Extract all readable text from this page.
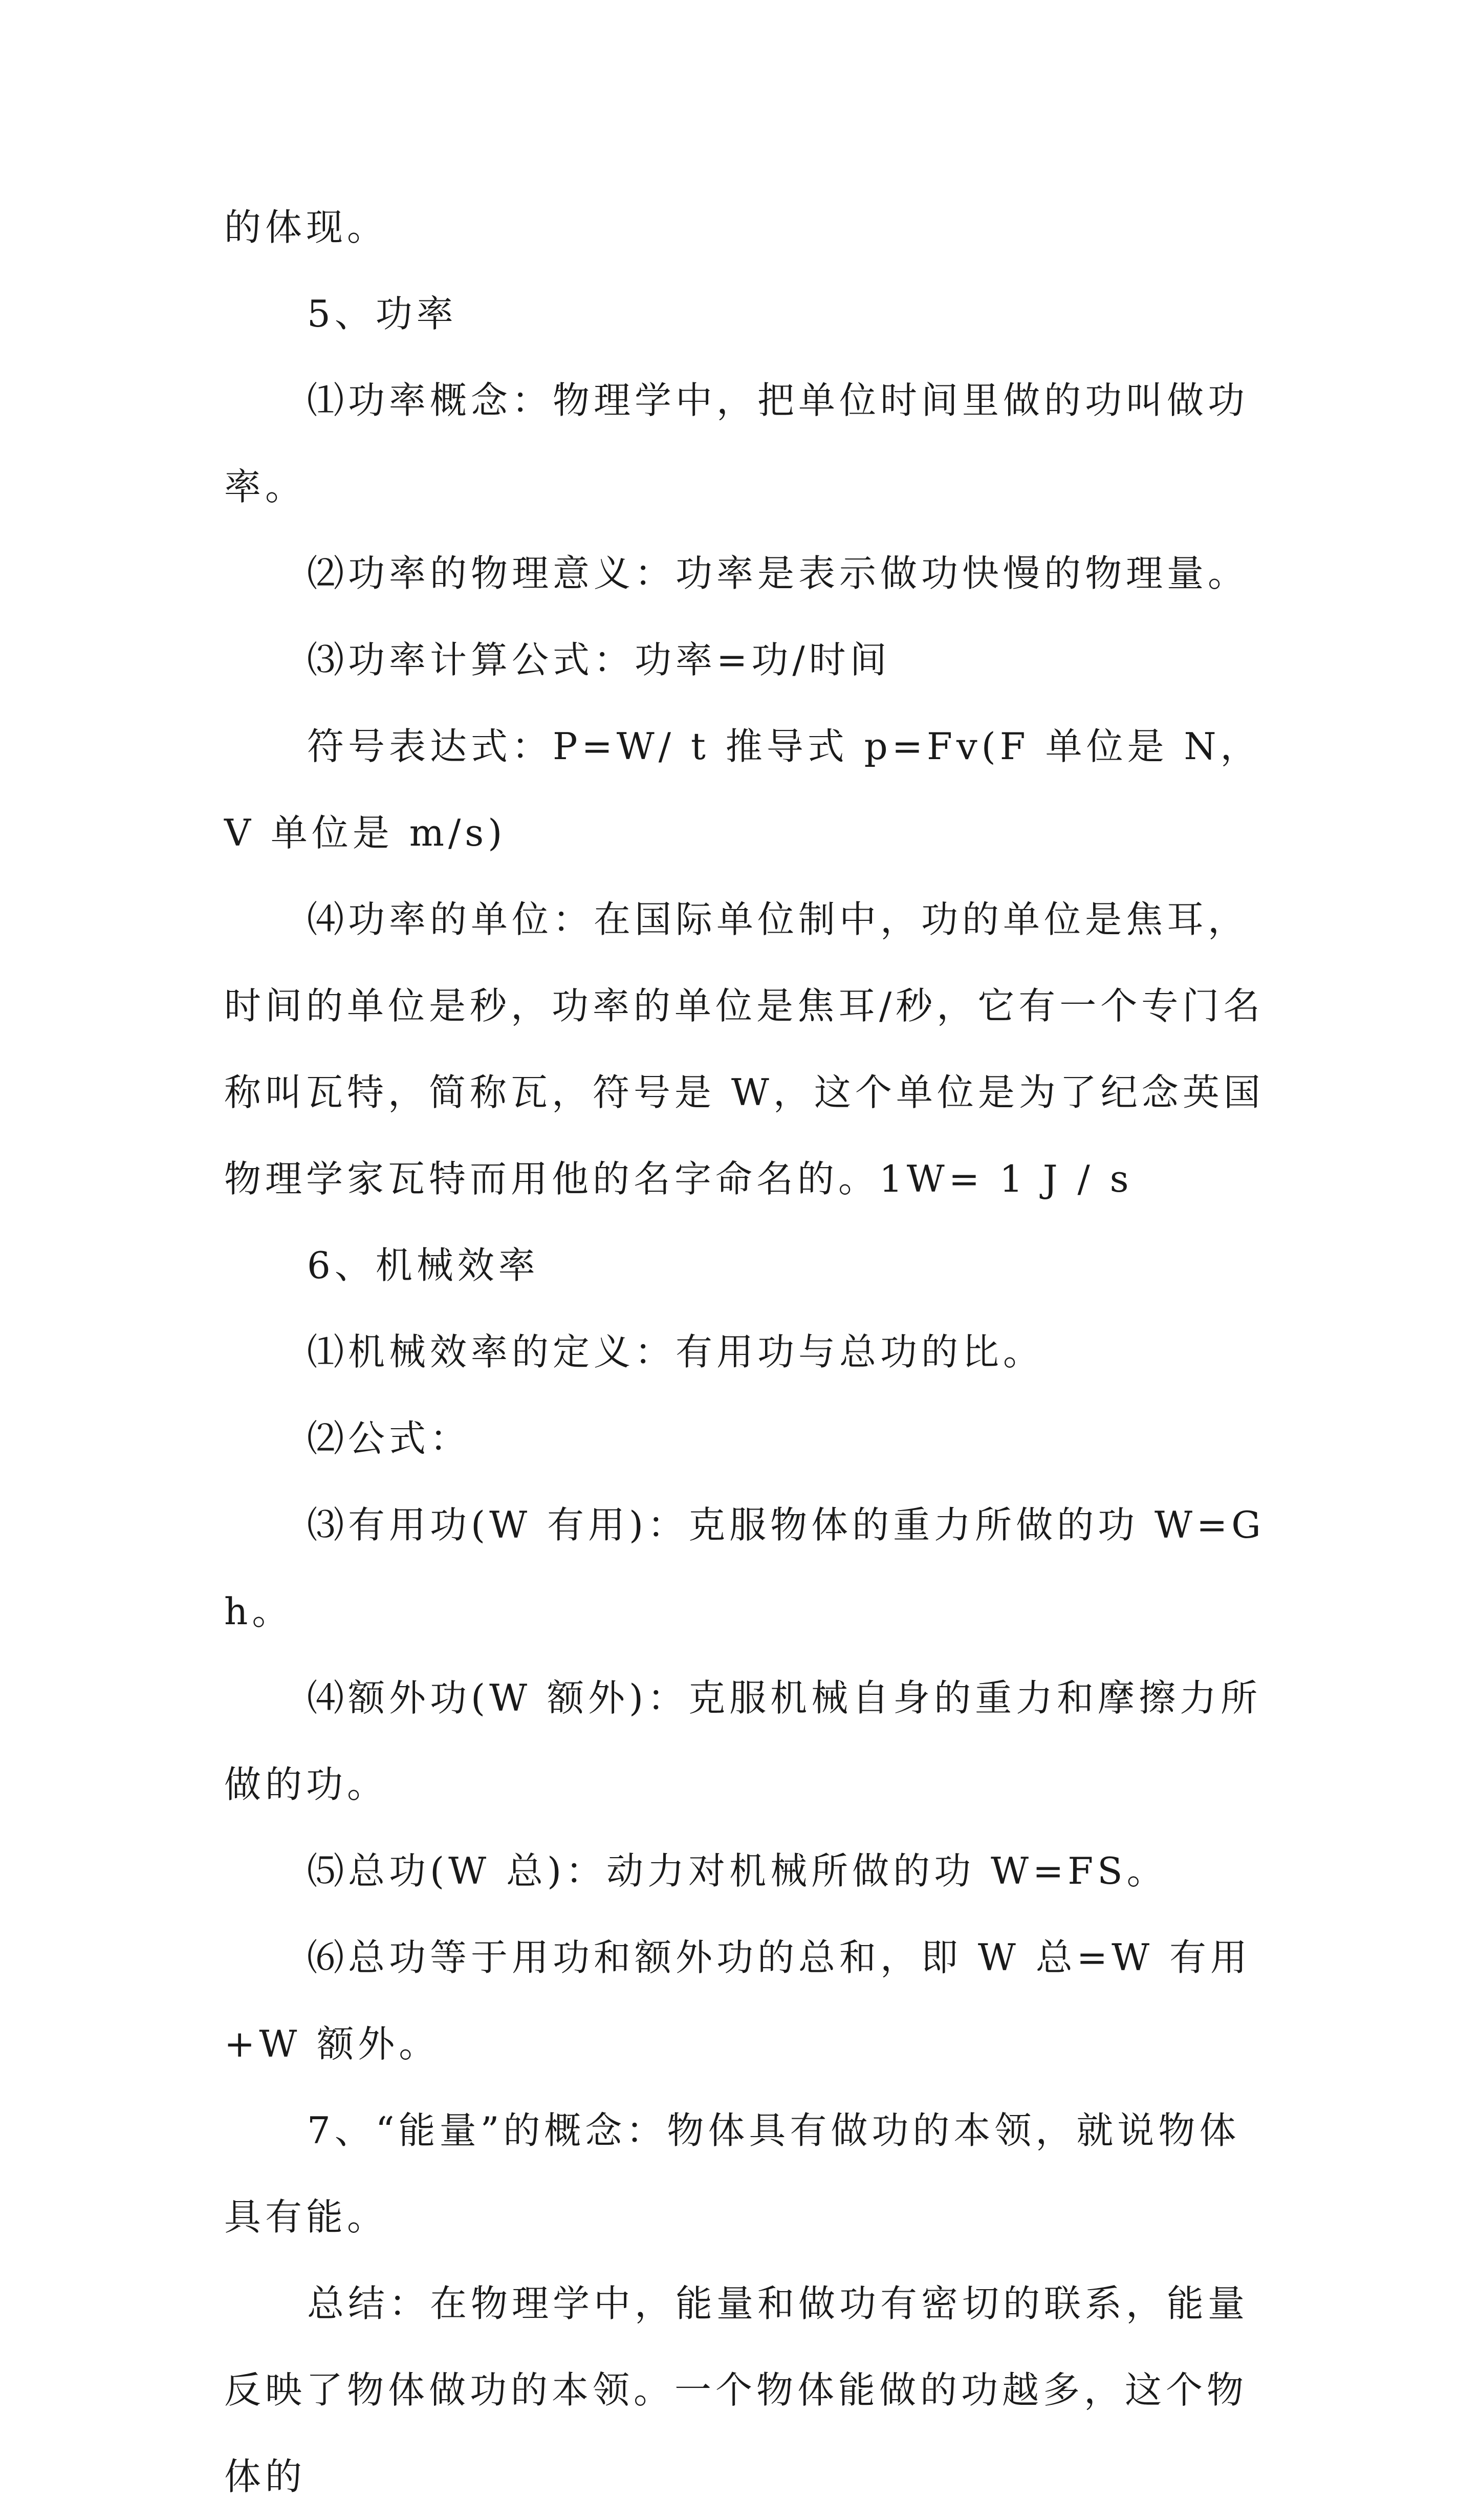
的体现。

5、功率

⑴功率概念：物理学中，把单位时间里做的功叫做功率。

⑵功率的物理意义：功率是表示做功快慢的物理量。

⑶功率计算公式：功率=功/时间

符号表达式：P=W/ t 推导式 p=Fv(F 单位是 N，V 单位是 m/s)

⑷功率的单位：在国际单位制中，功的单位是焦耳，时间的单位是秒，功率的单位是焦耳/秒，它有一个专门名称叫瓦特，简称瓦，符号是 W，这个单位是为了纪念英国物理学家瓦特而用他的名字命名的。1W= 1 J / s

6、机械效率

⑴机械效率的定义：有用功与总功的比。

⑵公式：

⑶有用功(W 有用)：克服物体的重力所做的功 W=Gh。

⑷额外功(W 额外)：克服机械自身的重力和摩擦力所做的功。

⑸总功(W 总)：动力对机械所做的功 W=FS。

⑹总功等于用功和额外功的总和，即 W 总=W 有用+W 额外。

7、“能量”的概念：物体具有做功的本领，就说物体具有能。

总结：在物理学中，能量和做功有密切的联系，能量反映了物体做功的本领。一个物体能做的功越多，这个物体的
